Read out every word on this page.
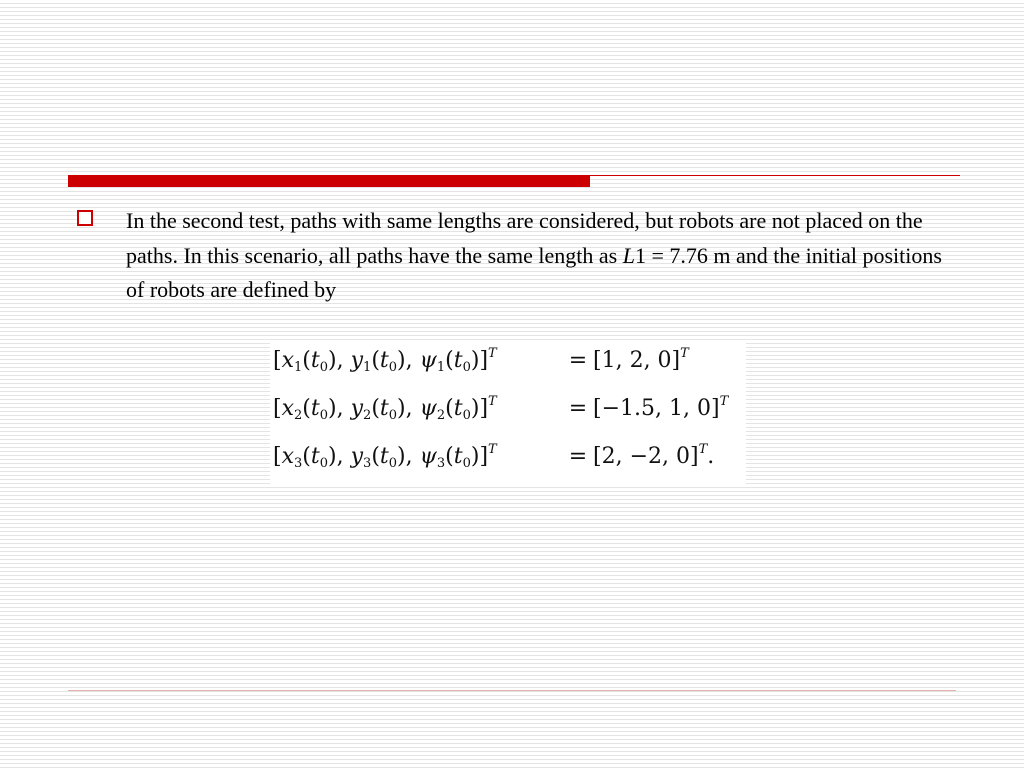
In the second test, paths with same lengths are considered, but robots are not placed on the paths. In this scenario, all paths have the same length as L1 = 7.76 m and the initial positions of robots are defined by
[$x_1(t_0)$, $y_1(t_0)$, $\psi_1(t_0)]^T$	= [1, 2, 0]$^T$
[$x_2(t_0)$, $y_2(t_0)$, $\psi_2(t_0)]^T$	= [−1.5, 1, 0]$^T$
[$x_3(t_0)$, $y_3(t_0)$, $\psi_3(t_0)]^T$	= [2, −2, 0]$^T$.
